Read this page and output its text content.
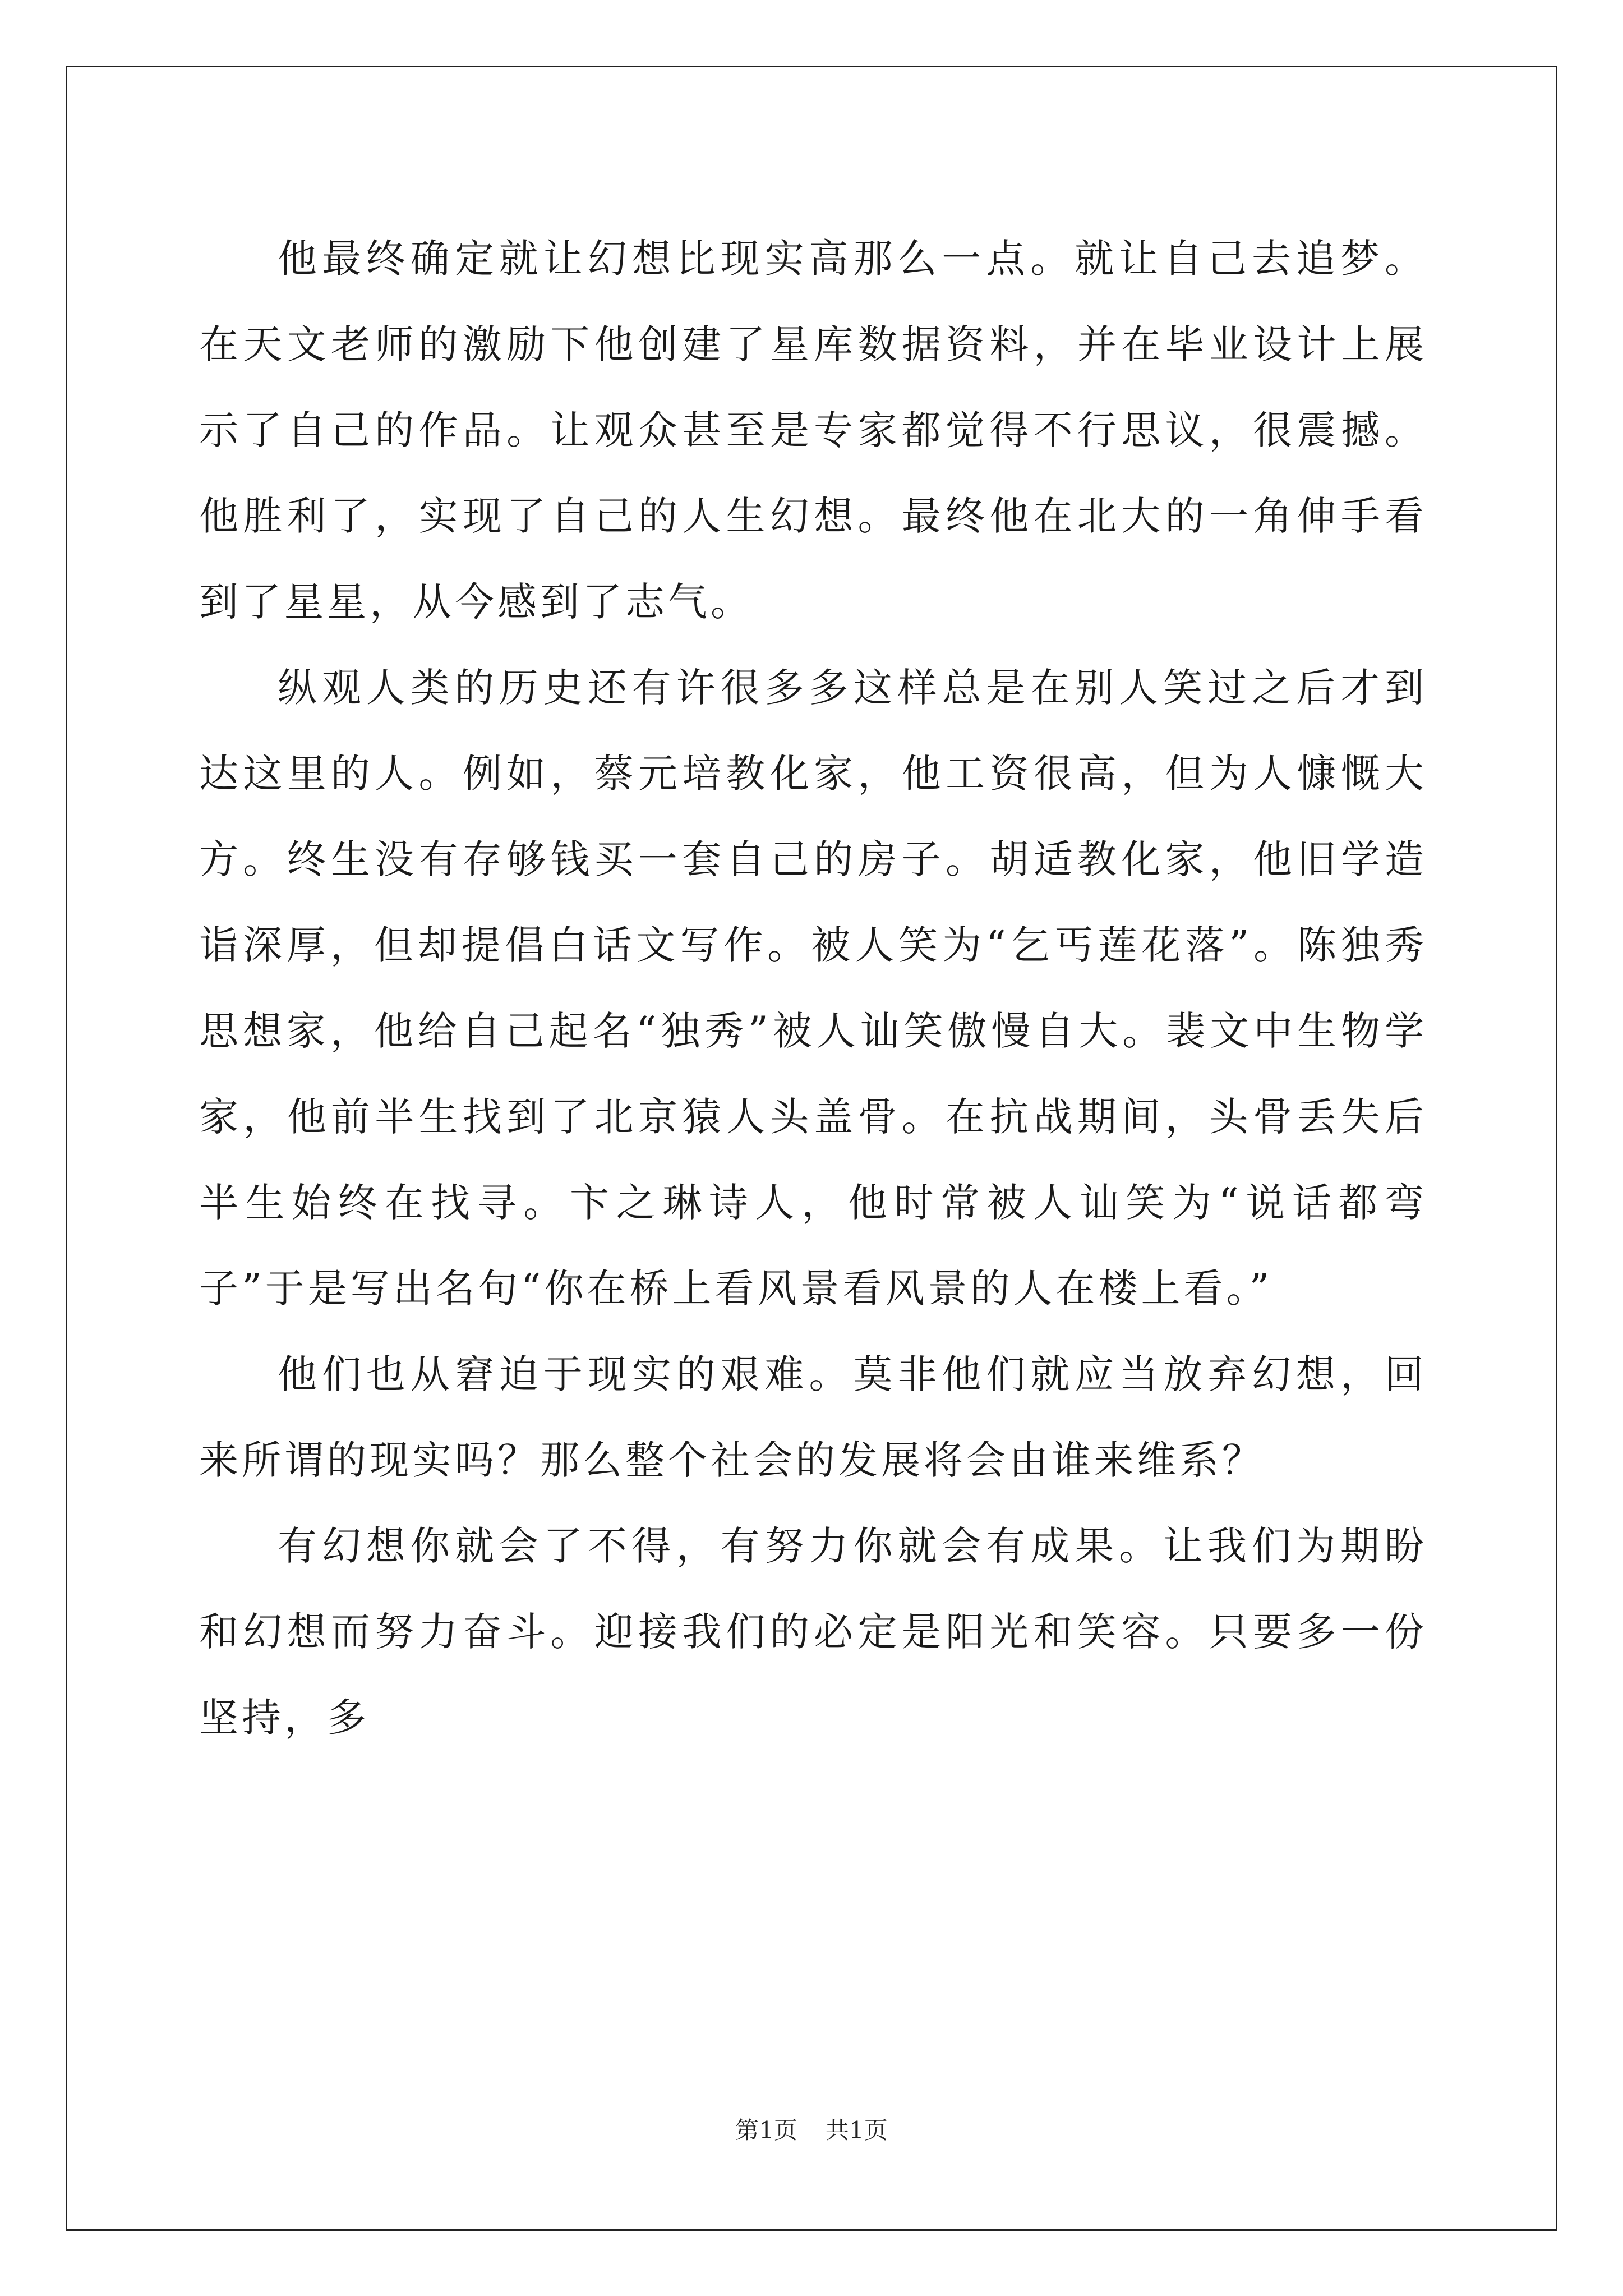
他最终确定就让幻想比现实高那么一点。就让自己去追梦。在天文老师的激励下他创建了星库数据资料，并在毕业设计上展示了自己的作品。让观众甚至是专家都觉得不行思议，很震撼。他胜利了，实现了自己的人生幻想。最终他在北大的一角伸手看到了星星，从今感到了志气。

纵观人类的历史还有许很多多这样总是在别人笑过之后才到达这里的人。例如，蔡元培教化家，他工资很高，但为人慷慨大方。终生没有存够钱买一套自己的房子。胡适教化家，他旧学造诣深厚，但却提倡白话文写作。被人笑为“乞丐莲花落”。陈独秀思想家，他给自己起名“独秀”被人讪笑傲慢自大。裴文中生物学家，他前半生找到了北京猿人头盖骨。在抗战期间，头骨丢失后半生始终在找寻。卞之琳诗人，他时常被人讪笑为“说话都弯子”于是写出名句“你在桥上看风景看风景的人在楼上看。”

他们也从窘迫于现实的艰难。莫非他们就应当放弃幻想，回来所谓的现实吗？那么整个社会的发展将会由谁来维系？

有幻想你就会了不得，有努力你就会有成果。让我们为期盼和幻想而努力奋斗。迎接我们的必定是阳光和笑容。只要多一份坚持，多

第1页 共1页
